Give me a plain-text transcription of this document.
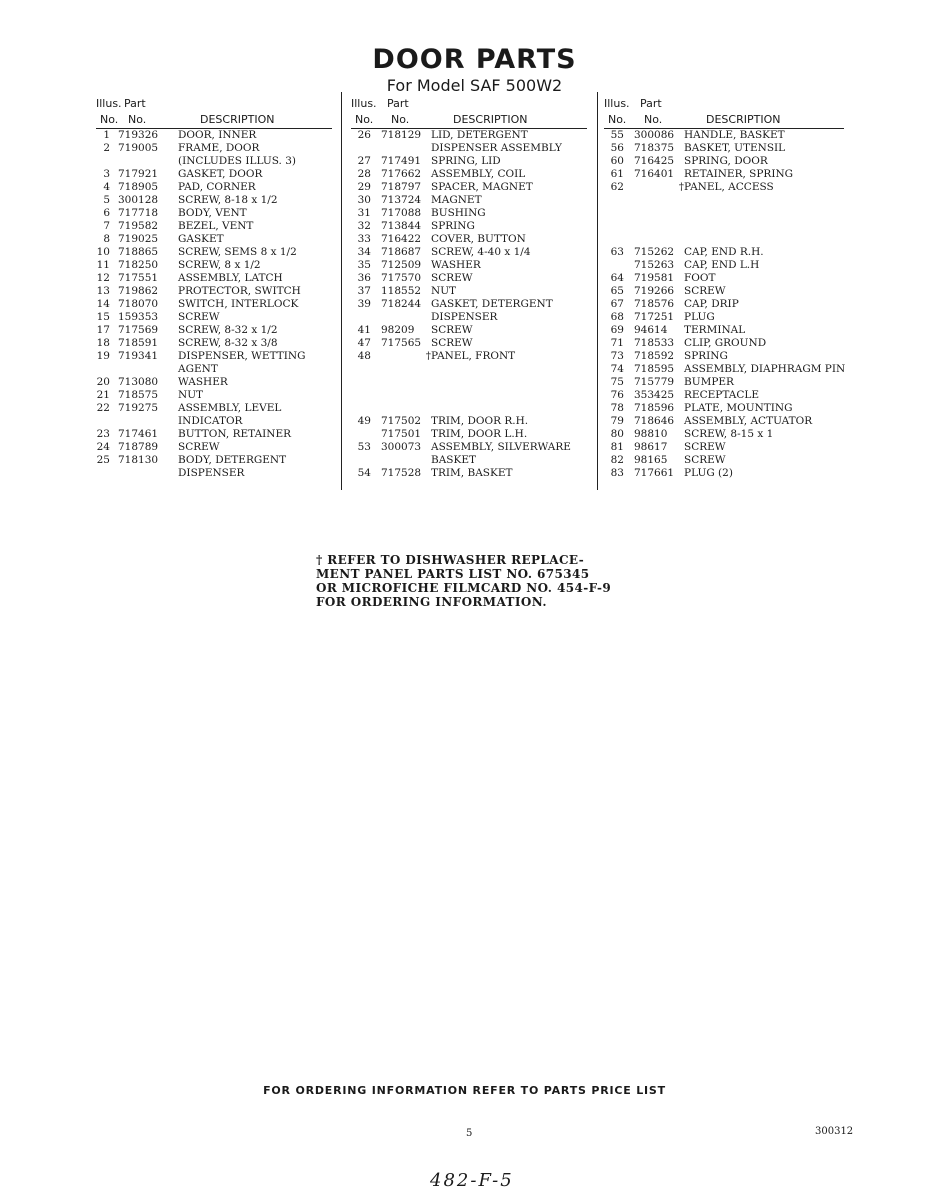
DOOR PARTS
For Model SAF 500W2
Illus. Part
No. No.	DESCRIPTION
1 719326	DOOR, INNER
2 719005	FRAME, DOOR
(INCLUDES ILLUS. 3)
3 717921	GASKET, DOOR
4 718905	PAD, CORNER
5 300128	SCREW, 8-18 x 1/2
6 717718	BODY, VENT
7 719582	BEZEL, VENT
8 719025	GASKET
10 718865	SCREW, SEMS 8 x 1/2
11 718250	SCREW, 8 x 1/2
12 717551	ASSEMBLY, LATCH
13 719862	PROTECTOR, SWITCH
14 718070	SWITCH, INTERLOCK
15 159353	SCREW
17 717569	SCREW, 8-32 x 1/2
18 718591	SCREW, 8-32 x 3/8
19 719341	DISPENSER, WETTING
AGENT
20 713080	WASHER
21 718575	NUT
22 719275	ASSEMBLY, LEVEL
INDICATOR
23 717461	BUTTON, RETAINER
24 718789	SCREW
25 718130	BODY, DETERGENT
DISPENSER
Illus. Part
No. No.	DESCRIPTION
26 718129 LID, DETERGENT
DISPENSER ASSEMBLY
27 717491 SPRING, LID
28 717662 ASSEMBLY, COIL
29 718797 SPACER, MAGNET
30 713724 MAGNET
31 717088 BUSHING
32 713844 SPRING
33 716422 COVER, BUTTON
34 718687 SCREW, 4-40 x 1/4
35 712509 WASHER
36 717570 SCREW
37 118552 NUT
39 718244 GASKET, DETERGENT
DISPENSER
41 98209	SCREW
47 717565 SCREW
48	† PANEL, FRONT
49 717502 TRIM, DOOR R.H.
717501 TRIM, DOOR L.H.
53 300073 ASSEMBLY, SILVERWARE
BASKET
54 717528 TRIM, BASKET
Illus. Part
No. No.	DESCRIPTION
55 300086 HANDLE, BASKET
56 718375 BASKET, UTENSIL
60 716425 SPRING, DOOR
61 716401 RETAINER, SPRING
62	† PANEL, ACCESS
63 715262 CAP, END R.H.
715263 CAP, END L.H
64 719581 FOOT
65 719266 SCREW
67 718576 CAP, DRIP
68 717251 PLUG
69 94614	TERMINAL
71 718533 CLIP, GROUND
73 718592 SPRING
74 718595 ASSEMBLY, DIAPHRAGM PIN
75 715779 BUMPER
76 353425 RECEPTACLE
78 718596 PLATE, MOUNTING
79 718646 ASSEMBLY, ACTUATOR
80 98810	SCREW, 8-15 x 1
81 98617	SCREW
82 98165	SCREW
83 717661 PLUG (2)
† REFER TO DISHWASHER REPLACE-
MENT PANEL PARTS LIST NO. 675345
OR MICROFICHE FILMCARD NO. 454-F-9
FOR ORDERING INFORMATION.
FOR ORDERING INFORMATION REFER TO PARTS PRICE LIST
5	300312
482-F-5
